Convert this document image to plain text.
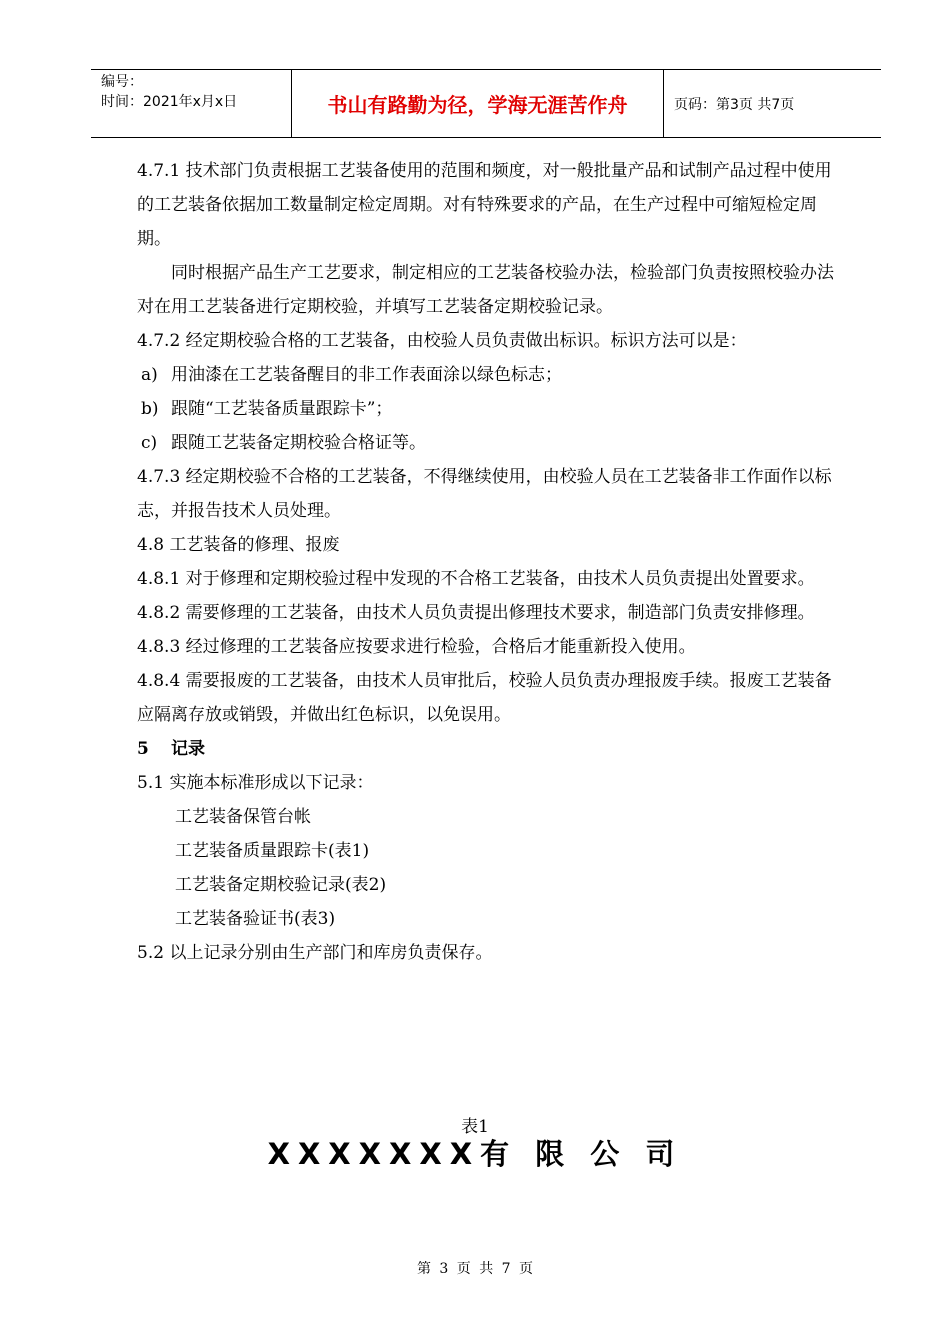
编号：
时间：2021年x月x日	书山有路勤为径，学海无涯苦作舟	页码：第3页 共7页

4.7.1 技术部门负责根据工艺装备使用的范围和频度，对一般批量产品和试制产品过程中使用的工艺装备依据加工数量制定检定周期。对有特殊要求的产品，在生产过程中可缩短检定周期。

同时根据产品生产工艺要求，制定相应的工艺装备校验办法，检验部门负责按照校验办法对在用工艺装备进行定期校验，并填写工艺装备定期校验记录。

4.7.2 经定期校验合格的工艺装备，由校验人员负责做出标识。标识方法可以是：

a) 用油漆在工艺装备醒目的非工作表面涂以绿色标志；

b) 跟随“工艺装备质量跟踪卡”；

c) 跟随工艺装备定期校验合格证等。

4.7.3 经定期校验不合格的工艺装备，不得继续使用，由校验人员在工艺装备非工作面作以标志，并报告技术人员处理。

4.8 工艺装备的修理、报废

4.8.1 对于修理和定期校验过程中发现的不合格工艺装备，由技术人员负责提出处置要求。

4.8.2 需要修理的工艺装备，由技术人员负责提出修理技术要求，制造部门负责安排修理。

4.8.3 经过修理的工艺装备应按要求进行检验，合格后才能重新投入使用。

4.8.4 需要报废的工艺装备，由技术人员审批后，校验人员负责办理报废手续。报废工艺装备应隔离存放或销毁，并做出红色标识，以免误用。

5 记录

5.1 实施本标准形成以下记录：

工艺装备保管台帐

工艺装备质量跟踪卡(表1)

工艺装备定期校验记录(表2)

工艺装备验证书(表3)

5.2 以上记录分别由生产部门和库房负责保存。

表1
XXXXXXX有 限 公 司
第 3 页 共 7 页
